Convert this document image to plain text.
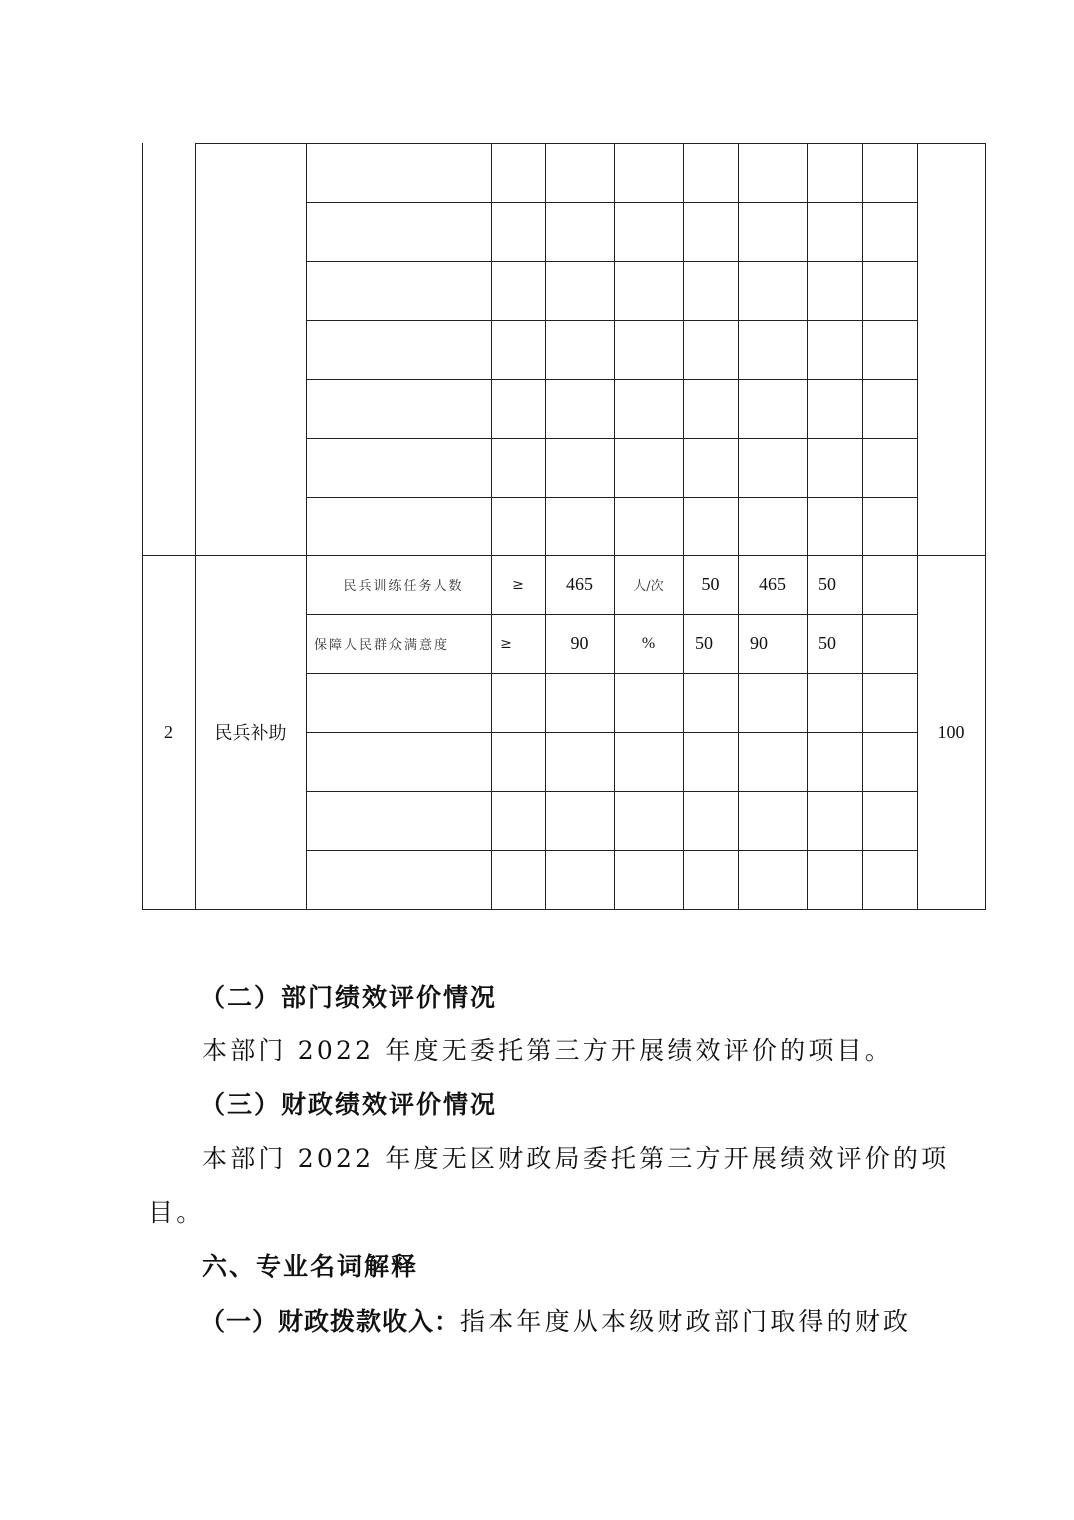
2	民兵补助	100
民兵训练任务人数	≥	465	人/次	50	465	50
保障人民群众满意度	≥	90	%	50	90	50
（二）部门绩效评价情况
本部门 2022 年度无委托第三方开展绩效评价的项目。
（三）财政绩效评价情况
本部门 2022 年度无区财政局委托第三方开展绩效评价的项
目。
六、专业名词解释
（一）财政拨款收入：指本年度从本级财政部门取得的财政
